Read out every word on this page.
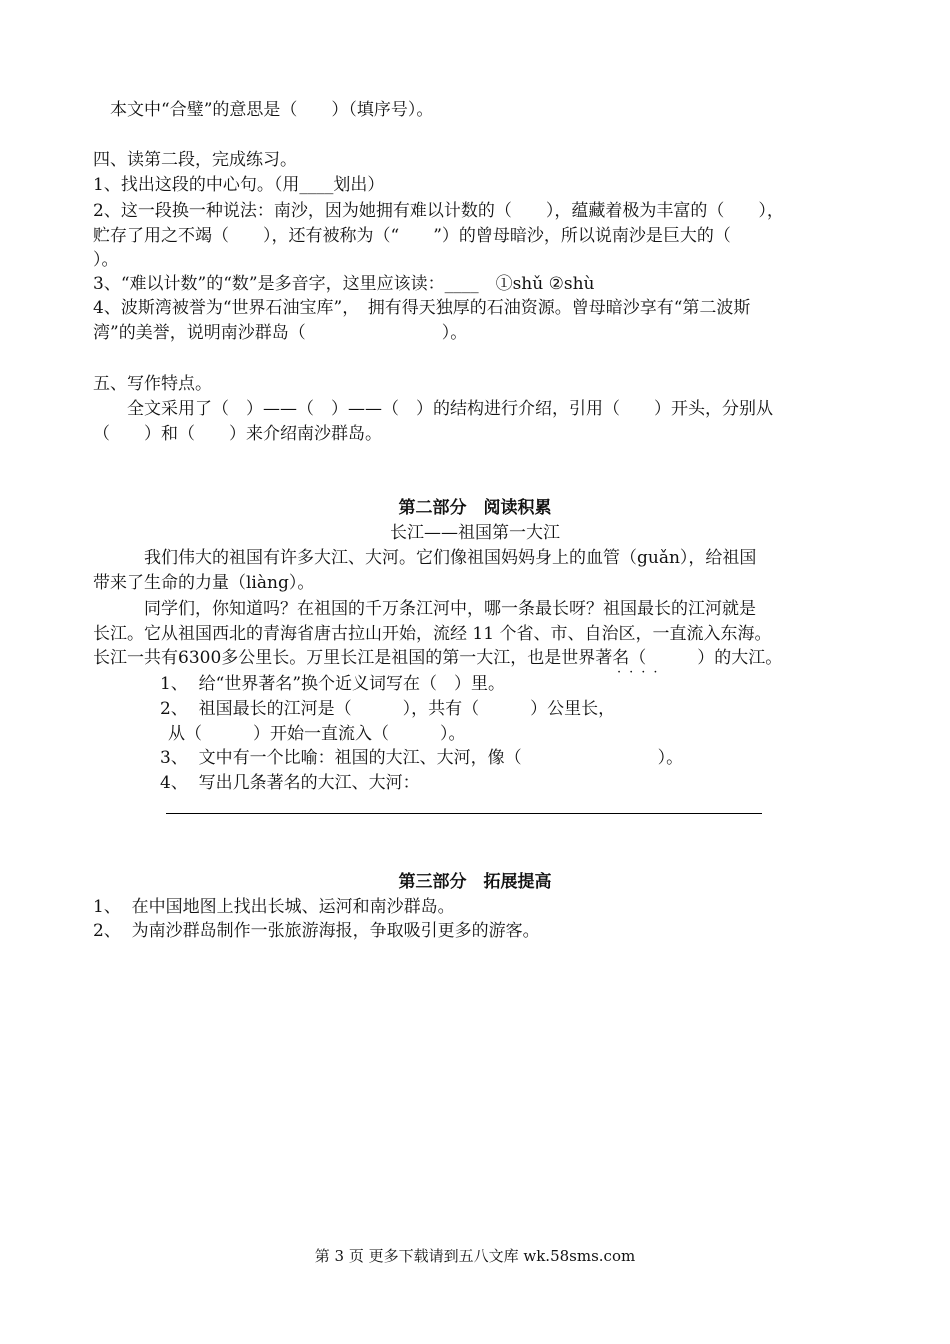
本文中“合璧”的意思是（　　）（填序号）。
四、读第二段，完成练习。
1、找出这段的中心句。（用____划出）
2、这一段换一种说法：南沙，因为她拥有难以计数的（　　），蕴藏着极为丰富的（　　），
贮存了用之不竭（　　），还有被称为（“　　”）的曾母暗沙，所以说南沙是巨大的（
）。
3、“难以计数”的“数”是多音字，这里应该读：____　①shǔ ②shù
4、波斯湾被誉为“世界石油宝库”，　拥有得天独厚的石油资源。曾母暗沙享有“第二波斯
湾”的美誉，说明南沙群岛（　　　　　　　　）。
五、写作特点。
　　全文采用了（　）——（　）——（　）的结构进行介绍，引用（　　）开头，分别从
（　　）和（　　）来介绍南沙群岛。
第二部分　阅读积累
长江——祖国第一大江
　　　我们伟大的祖国有许多大江、大河。它们像祖国妈妈身上的血管（guǎn），给祖国
带来了生命的力量（liàng）。
　　　同学们，你知道吗？在祖国的千万条江河中，哪一条最长呀？祖国最长的江河就是
长江。它从祖国西北的青海省唐古拉山开始，流经 11 个省、市、自治区，一直流入东海。
长江一共有6300多公里长。万里长江是祖国的第一大江，也是世界著名（　　　）的大江。
····
1、  给“世界著名”换个近义词写在（　）里。
2、  祖国最长的江河是（　　　），共有（　　　）公里长，
从（　　　）开始一直流入（　　　）。
3、  文中有一个比喻：祖国的大江、大河，像（　　　　　　　　）。
4、  写出几条著名的大江、大河：
第三部分　拓展提高
1、  在中国地图上找出长城、运河和南沙群岛。
2、  为南沙群岛制作一张旅游海报，争取吸引更多的游客。
第 3 页 更多下载请到五八文库 wk.58sms.com
